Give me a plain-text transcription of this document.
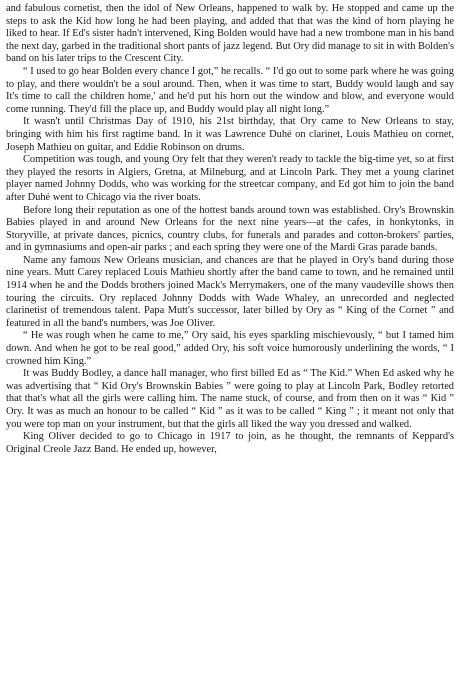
and fabulous cornetist, then the idol of New Orleans, happened to walk by. He stopped and came up the steps to ask the Kid how long he had been playing, and added that that was the kind of horn playing he liked to hear. If Ed's sister hadn't intervened, King Bolden would have had a new trombone man in his band the next day, garbed in the traditional short pants of jazz legend. But Ory did manage to sit in with Bolden's band on his later trips to the Crescent City.

“ I used to go hear Bolden every chance I got,” he recalls. “ I'd go out to some park where he was going to play, and there wouldn't be a soul around. Then, when it was time to start, Buddy would laugh and say It's time to call the children home,' and he'd put his horn out the window and blow, and everyone would come running. They'd fill the place up, and Buddy would play all night long.”

It wasn't until Christmas Day of 1910, his 21st birthday, that Ory came to New Orleans to stay, bringing with him his first ragtime band. In it was Lawrence Duhé on clarinet, Louis Mathieu on cornet, Joseph Mathieu on guitar, and Eddie Robinson on drums.

Competition was tough, and young Ory felt that they weren't ready to tackle the big-time yet, so at first they played the resorts in Algiers, Gretna, at Milneburg, and at Lincoln Park. They met a young clarinet player named Johnny Dodds, who was working for the streetcar company, and Ed got him to join the band after Duhé went to Chicago via the river boats.

Before long their reputation as one of the hottest bands around town was established. Ory's Brownskin Babies played in and around New Orleans for the next nine years—at the cafes, in honkytonks, in Storyville, at private dances, picnics, country clubs, for funerals and parades and cotton-brokers' parties, and in gymnasiums and open-air parks ; and each spring they were one of the Mardi Gras parade bands.

Name any famous New Orleans musician, and chances are that he played in Ory's band during those nine years. Mutt Carey replaced Louis Mathieu shortly after the band came to town, and he remained until 1914 when he and the Dodds brothers joined Mack's Merrymakers, one of the many vaudeville shows then touring the circuits. Ory replaced Johnny Dodds with Wade Whaley, an unrecorded and neglected clarinetist of tremendous talent. Papa Mutt's successor, later billed by Ory as “ King of the Cornet ” and featured in all the band's numbers, was Joe Oliver.

“ He was rough when he came to me,” Ory said, his eyes sparkling mischievously, “ but I tamed him down. And when he got to be real good,” added Ory, his soft voice humorously underlining the words, “ I crowned him King.”

It was Buddy Bodley, a dance hall manager, who first billed Ed as “ The Kid.” When Ed asked why he was advertising that “ Kid Ory's Brownskin Babies ” were going to play at Lincoln Park, Bodley retorted that that's what all the girls were calling him. The name stuck, of course, and from then on it was “ Kid ” Ory. It was as much an honour to be called “ Kid ” as it was to be called “ King ” ; it meant not only that you were top man on your instrument, but that the girls all liked the way you dressed and walked.

King Oliver decided to go to Chicago in 1917 to join, as he thought, the remnants of Keppard's Original Creole Jazz Band. He ended up, however,
